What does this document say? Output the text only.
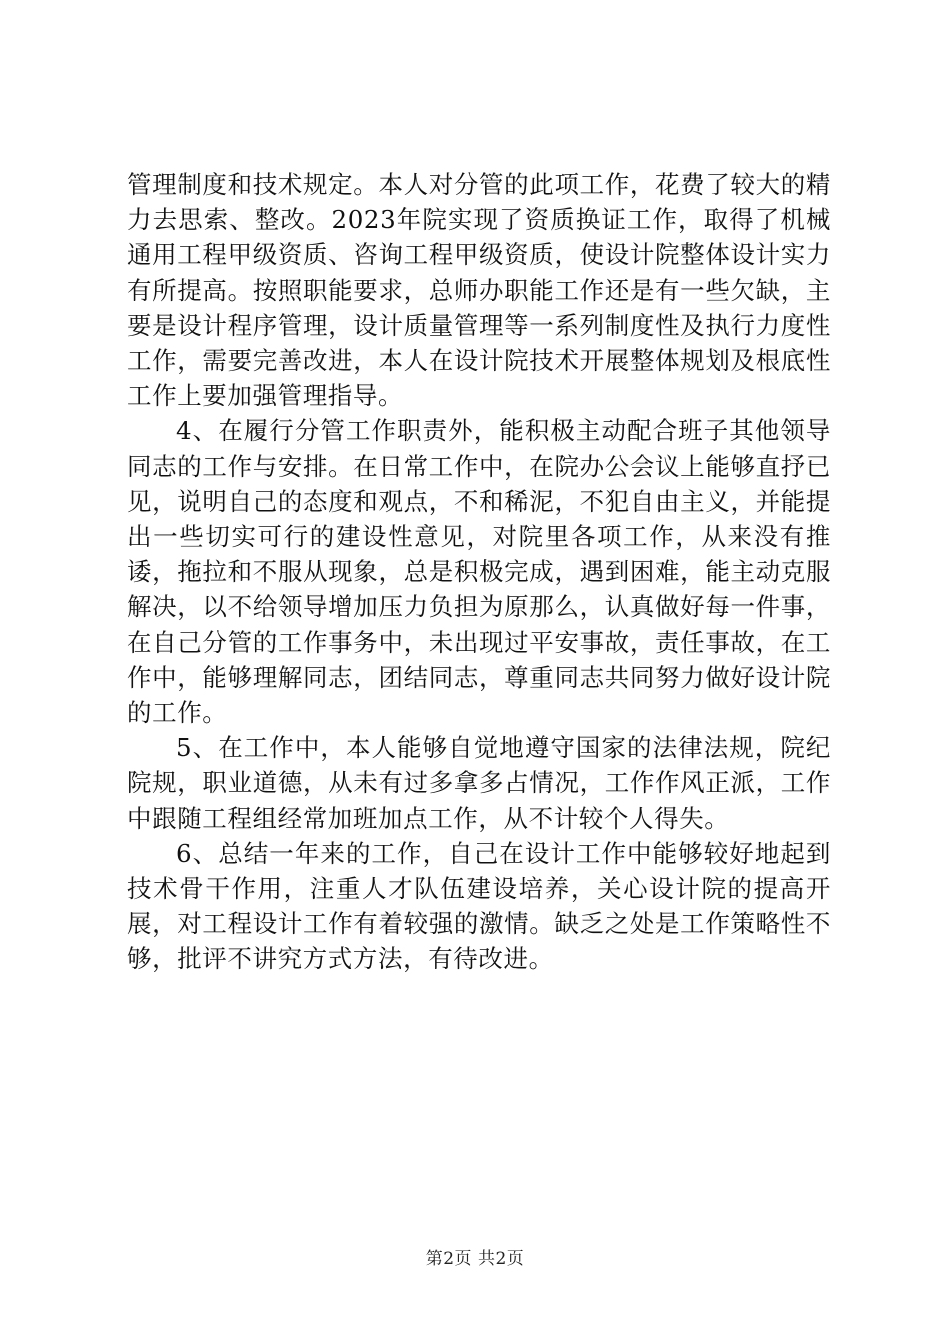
管理制度和技术规定。本人对分管的此项工作，花费了较大的精力去思索、整改。2023年院实现了资质换证工作，取得了机械通用工程甲级资质、咨询工程甲级资质，使设计院整体设计实力有所提高。按照职能要求，总师办职能工作还是有一些欠缺，主要是设计程序管理，设计质量管理等一系列制度性及执行力度性工作，需要完善改进，本人在设计院技术开展整体规划及根底性工作上要加强管理指导。

4、在履行分管工作职责外，能积极主动配合班子其他领导同志的工作与安排。在日常工作中，在院办公会议上能够直抒已见，说明自己的态度和观点，不和稀泥，不犯自由主义，并能提出一些切实可行的建设性意见，对院里各项工作，从来没有推诿，拖拉和不服从现象，总是积极完成，遇到困难，能主动克服解决，以不给领导增加压力负担为原那么，认真做好每一件事，在自己分管的工作事务中，未出现过平安事故，责任事故，在工作中，能够理解同志，团结同志，尊重同志共同努力做好设计院的工作。

5、在工作中，本人能够自觉地遵守国家的法律法规，院纪院规，职业道德，从未有过多拿多占情况，工作作风正派，工作中跟随工程组经常加班加点工作，从不计较个人得失。

6、总结一年来的工作，自己在设计工作中能够较好地起到技术骨干作用，注重人才队伍建设培养，关心设计院的提高开展，对工程设计工作有着较强的激情。缺乏之处是工作策略性不够，批评不讲究方式方法，有待改进。

第2页 共2页
